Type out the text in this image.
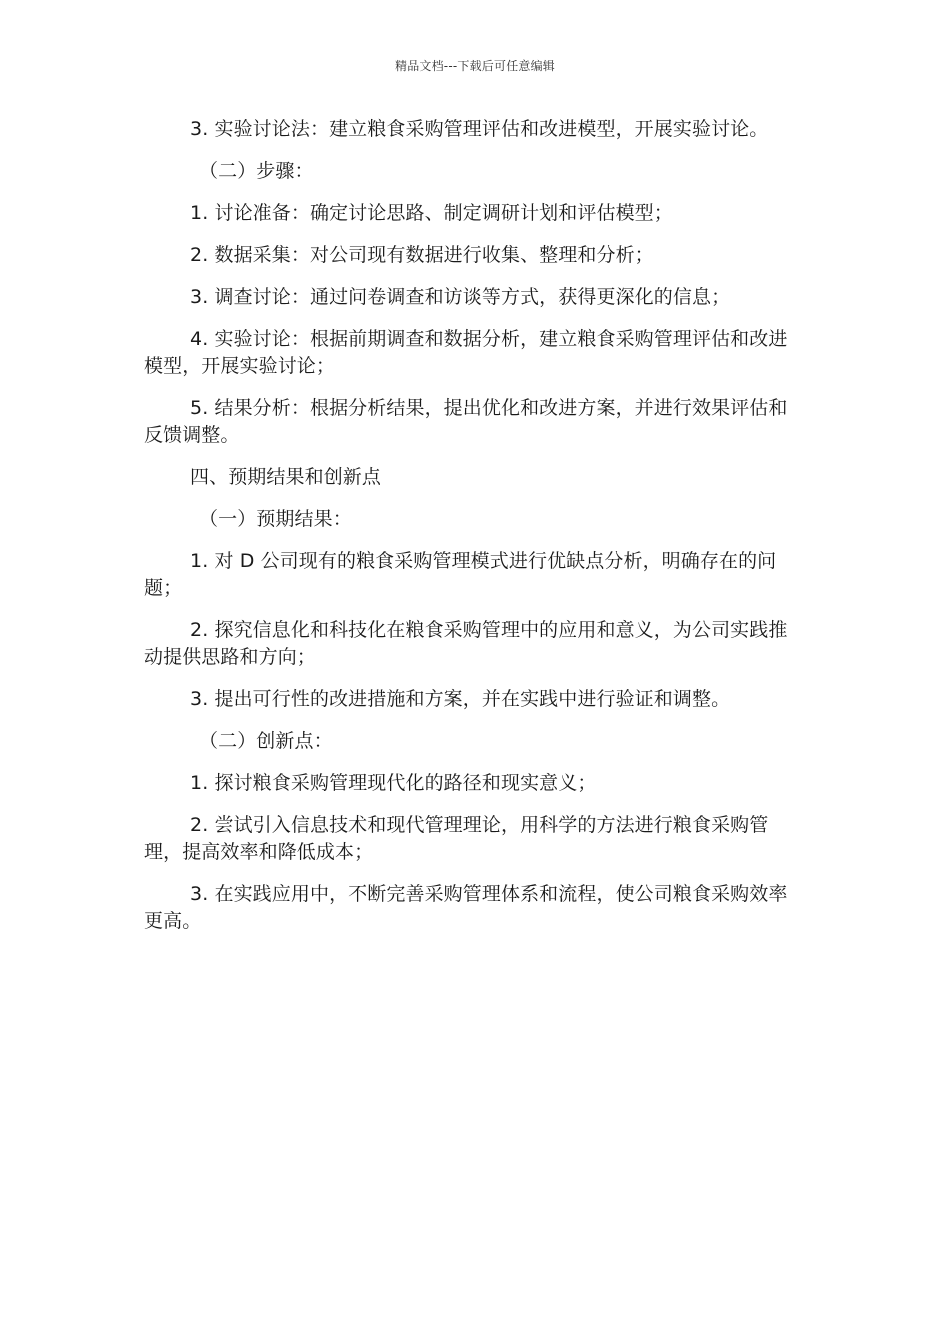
精品文档---下载后可任意编辑

3. 实验讨论法：建立粮食采购管理评估和改进模型，开展实验讨论。

（二）步骤：

1. 讨论准备：确定讨论思路、制定调研计划和评估模型；

2. 数据采集：对公司现有数据进行收集、整理和分析；

3. 调查讨论：通过问卷调查和访谈等方式，获得更深化的信息；

4. 实验讨论：根据前期调查和数据分析，建立粮食采购管理评估和改进模型，开展实验讨论；

5. 结果分析：根据分析结果，提出优化和改进方案，并进行效果评估和反馈调整。

四、预期结果和创新点

（一）预期结果：

1. 对 D 公司现有的粮食采购管理模式进行优缺点分析，明确存在的问题；

2. 探究信息化和科技化在粮食采购管理中的应用和意义，为公司实践推动提供思路和方向；

3. 提出可行性的改进措施和方案，并在实践中进行验证和调整。

（二）创新点：

1. 探讨粮食采购管理现代化的路径和现实意义；

2. 尝试引入信息技术和现代管理理论，用科学的方法进行粮食采购管理，提高效率和降低成本；

3. 在实践应用中，不断完善采购管理体系和流程，使公司粮食采购效率更高。
